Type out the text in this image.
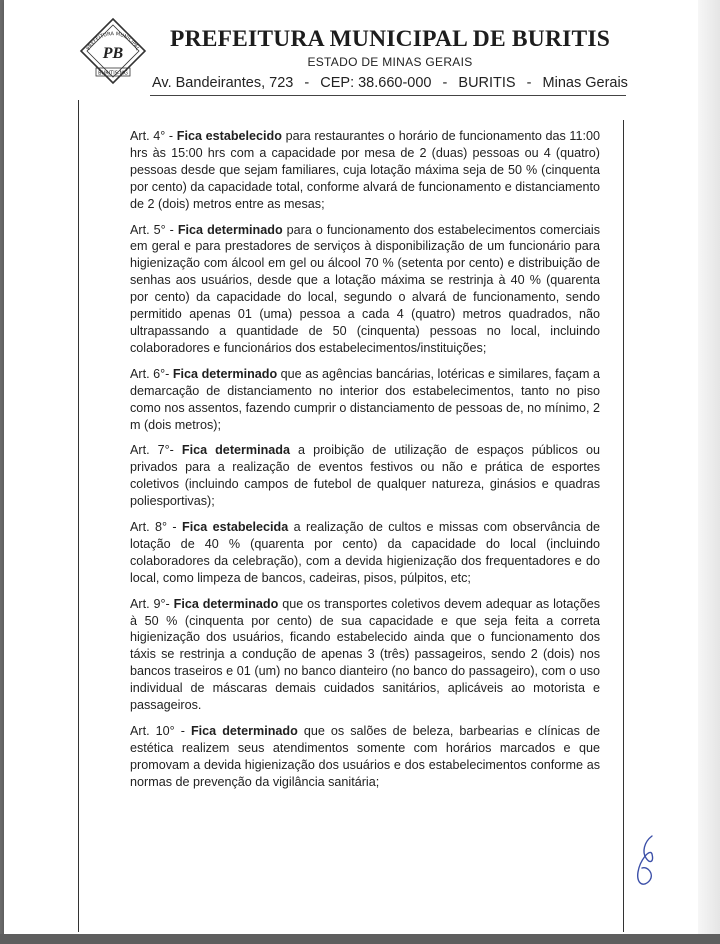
PREFEITURA MUNICIPAL
PB
BURITIS-MG
PREFEITURA MUNICIPAL DE BURITIS
ESTADO DE MINAS GERAIS
Av. Bandeirantes, 723 - CEP: 38.660-000 - BURITIS - Minas Gerais

Art. 4° - Fica estabelecido para restaurantes o horário de funcionamento das 11:00 hrs às 15:00 hrs com a capacidade por mesa de 2 (duas) pessoas ou 4 (quatro) pessoas desde que sejam familiares, cuja lotação máxima seja de 50 % (cinquenta por cento) da capacidade total, conforme alvará de funcionamento e distanciamento de 2 (dois) metros entre as mesas;

Art. 5° - Fica determinado para o funcionamento dos estabelecimentos comerciais em geral e para prestadores de serviços à disponibilização de um funcionário para higienização com álcool em gel ou álcool 70 % (setenta por cento) e distribuição de senhas aos usuários, desde que a lotação máxima se restrinja à 40 % (quarenta por cento) da capacidade do local, segundo o alvará de funcionamento, sendo permitido apenas 01 (uma) pessoa a cada 4 (quatro) metros quadrados, não ultrapassando a quantidade de 50 (cinquenta) pessoas no local, incluindo colaboradores e funcionários dos estabelecimentos/instituições;

Art. 6°- Fica determinado que as agências bancárias, lotéricas e similares, façam a demarcação de distanciamento no interior dos estabelecimentos, tanto no piso como nos assentos, fazendo cumprir o distanciamento de pessoas de, no mínimo, 2 m (dois metros);

Art. 7°- Fica determinada a proibição de utilização de espaços públicos ou privados para a realização de eventos festivos ou não e prática de esportes coletivos (incluindo campos de futebol de qualquer natureza, ginásios e quadras poliesportivas);

Art. 8° - Fica estabelecida a realização de cultos e missas com observância de lotação de 40 % (quarenta por cento) da capacidade do local (incluindo colaboradores da celebração), com a devida higienização dos frequentadores e do local, como limpeza de bancos, cadeiras, pisos, púlpitos, etc;

Art. 9°- Fica determinado que os transportes coletivos devem adequar as lotações à 50 % (cinquenta por cento) de sua capacidade e que seja feita a correta higienização dos usuários, ficando estabelecido ainda que o funcionamento dos táxis se restrinja a condução de apenas 3 (três) passageiros, sendo 2 (dois) nos bancos traseiros e 01 (um) no banco dianteiro (no banco do passageiro), com o uso individual de máscaras demais cuidados sanitários, aplicáveis ao motorista e passageiros.

Art. 10° - Fica determinado que os salões de beleza, barbearias e clínicas de estética realizem seus atendimentos somente com horários marcados e que promovam a devida higienização dos usuários e dos estabelecimentos conforme as normas de prevenção da vigilância sanitária;
